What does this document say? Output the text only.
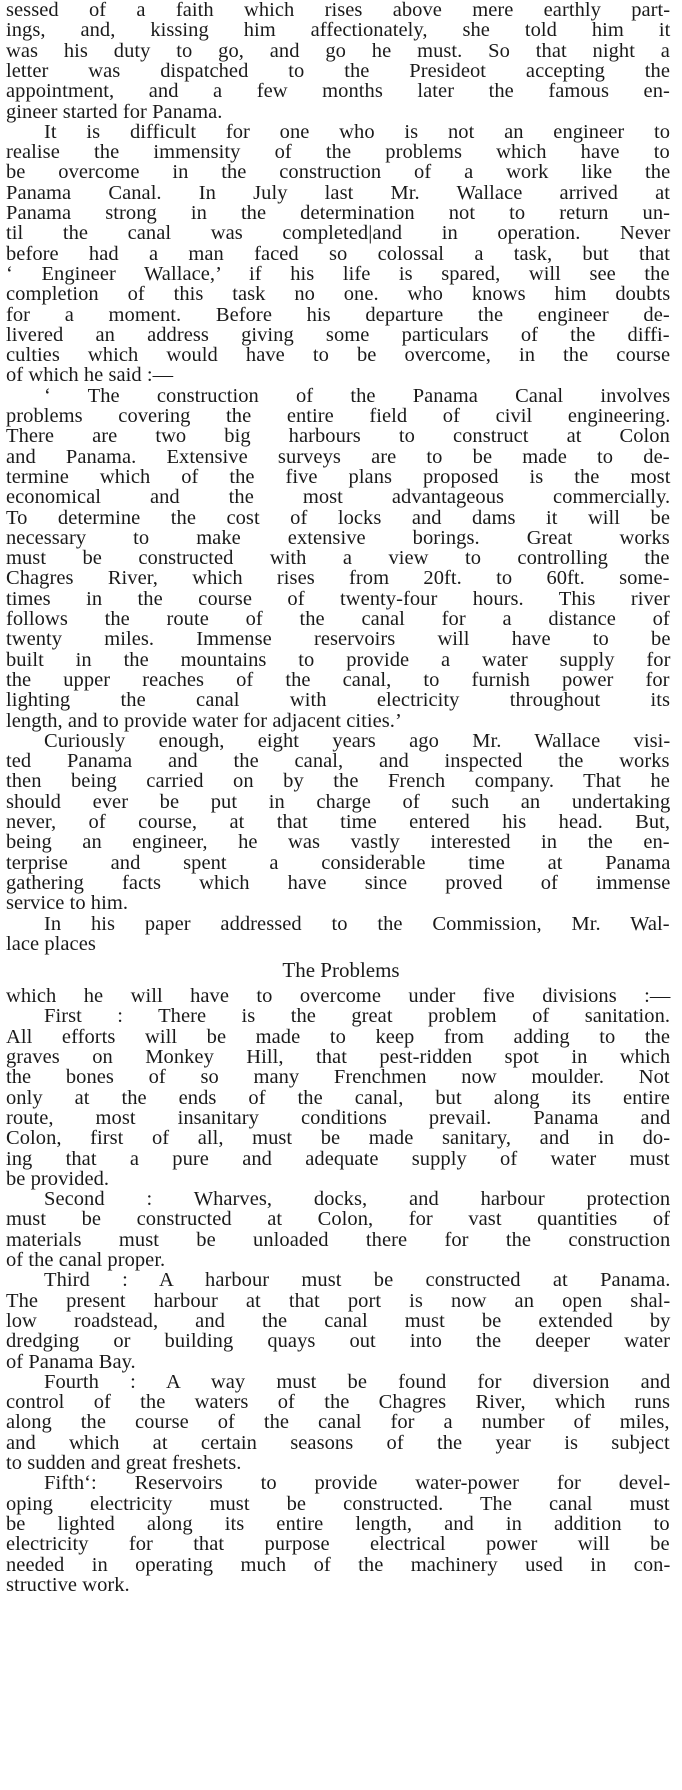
sessed of a faith which rises above mere earthly part-
ings, and, kissing him affectionately, she told him it
was his duty to go, and go he must. So that night a
letter was dispatched to the Presideot accepting the
appointment, and a few months later the famous en-
gineer started for Panama.
It is difficult for one who is not an engineer to
realise the immensity of the problems which have to
be overcome in the construction of a work like the
Panama Canal. In July last Mr. Wallace arrived at
Panama strong in the determination not to return un-
til the canal was completed|and in operation. Never
before had a man faced so colossal a task, but that
‘ Engineer Wallace,’ if his life is spared, will see the
completion of this task no one. who knows him doubts
for a moment. Before his departure the engineer de-
livered an address giving some particulars of the diffi-
culties which would have to be overcome, in the course
of which he said :—
‘ The construction of the Panama Canal involves
problems covering the entire field of civil engineering.
There are two big harbours to construct at Colon
and Panama. Extensive surveys are to be made to de-
termine which of the five plans proposed is the most
economical and the most advantageous commercially.
To determine the cost of locks and dams it will be
necessary to make extensive borings. Great works
must be constructed with a view to controlling the
Chagres River, which rises from 20ft. to 60ft. some-
times in the course of twenty-four hours. This river
follows the route of the canal for a distance of
twenty miles. Immense reservoirs will have to be
built in the mountains to provide a water supply for
the upper reaches of the canal, to furnish power for
lighting the canal with electricity throughout its
length, and to provide water for adjacent cities.’
Curiously enough, eight years ago Mr. Wallace visi-
ted Panama and the canal, and inspected the works
then being carried on by the French company. That he
should ever be put in charge of such an undertaking
never, of course, at that time entered his head. But,
being an engineer, he was vastly interested in the en-
terprise and spent a considerable time at Panama
gathering facts which have since proved of immense
service to him.
In his paper addressed to the Commission, Mr. Wal-
lace places
The Problems
which he will have to overcome under five divisions :—
First : There is the great problem of sanitation.
All efforts will be made to keep from adding to the
graves on Monkey Hill, that pest-ridden spot in which
the bones of so many Frenchmen now moulder. Not
only at the ends of the canal, but along its entire
route, most insanitary conditions prevail. Panama and
Colon, first of all, must be made sanitary, and in do-
ing that a pure and adequate supply of water must
be provided.
Second : Wharves, docks, and harbour protection
must be constructed at Colon, for vast quantities of
materials must be unloaded there for the construction
of the canal proper.
Third : A harbour must be constructed at Panama.
The present harbour at that port is now an open shal-
low roadstead, and the canal must be extended by
dredging or building quays out into the deeper water
of Panama Bay.
Fourth : A way must be found for diversion and
control of the waters of the Chagres River, which runs
along the course of the canal for a number of miles,
and which at certain seasons of the year is subject
to sudden and great freshets.
Fifth‘: Reservoirs to provide water-power for devel-
oping electricity must be constructed. The canal must
be lighted along its entire length, and in addition to
electricity for that purpose electrical power will be
needed in operating much of the machinery used in con-
structive work.
